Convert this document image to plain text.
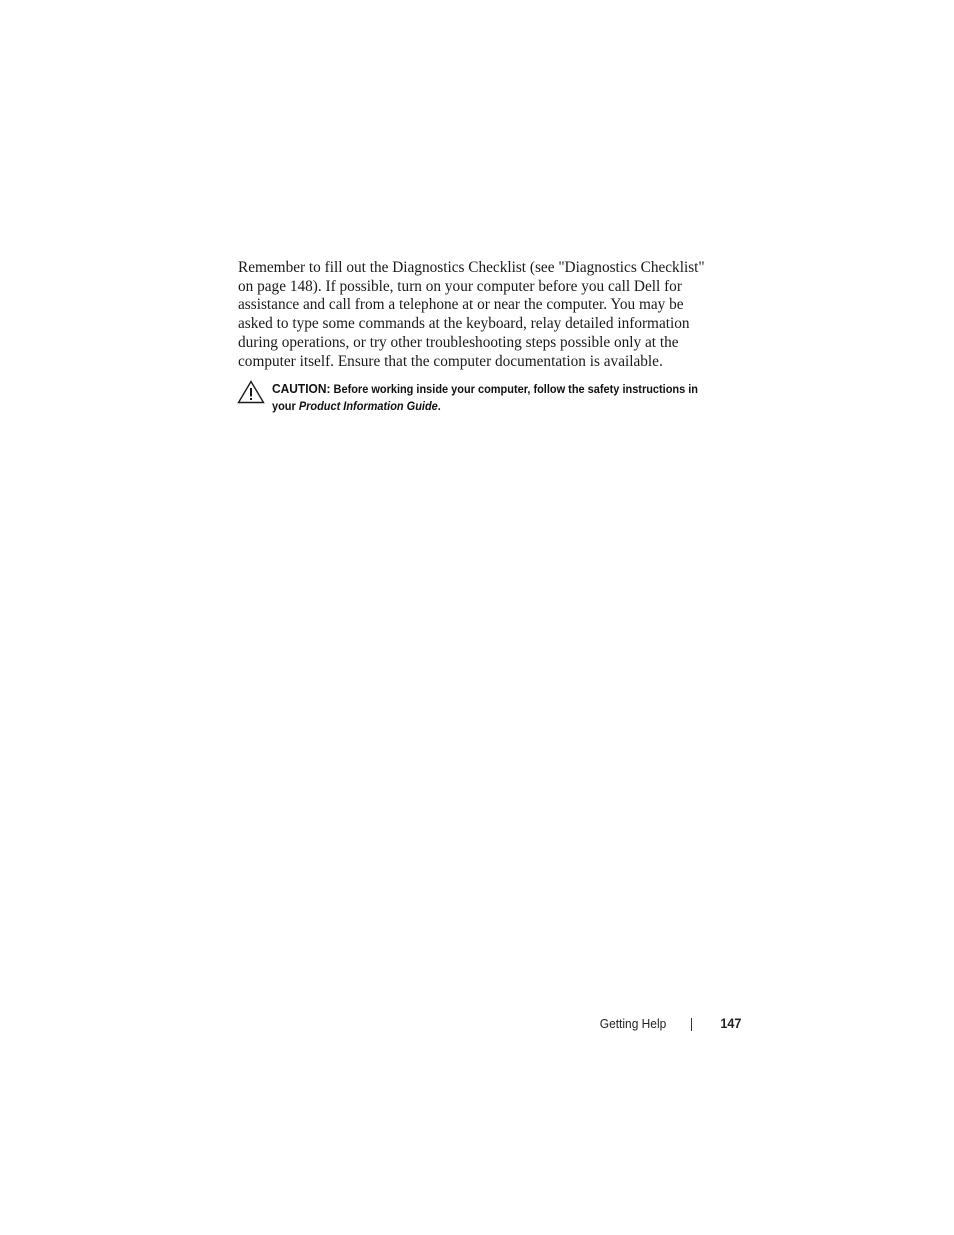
Remember to fill out the Diagnostics Checklist (see "Diagnostics Checklist"
on page 148). If possible, turn on your computer before you call Dell for
assistance and call from a telephone at or near the computer. You may be
asked to type some commands at the keyboard, relay detailed information
during operations, or try other troubleshooting steps possible only at the
computer itself. Ensure that the computer documentation is available.

CAUTION: Before working inside your computer, follow the safety instructions in
your Product Information Guide.
Getting Help	147
